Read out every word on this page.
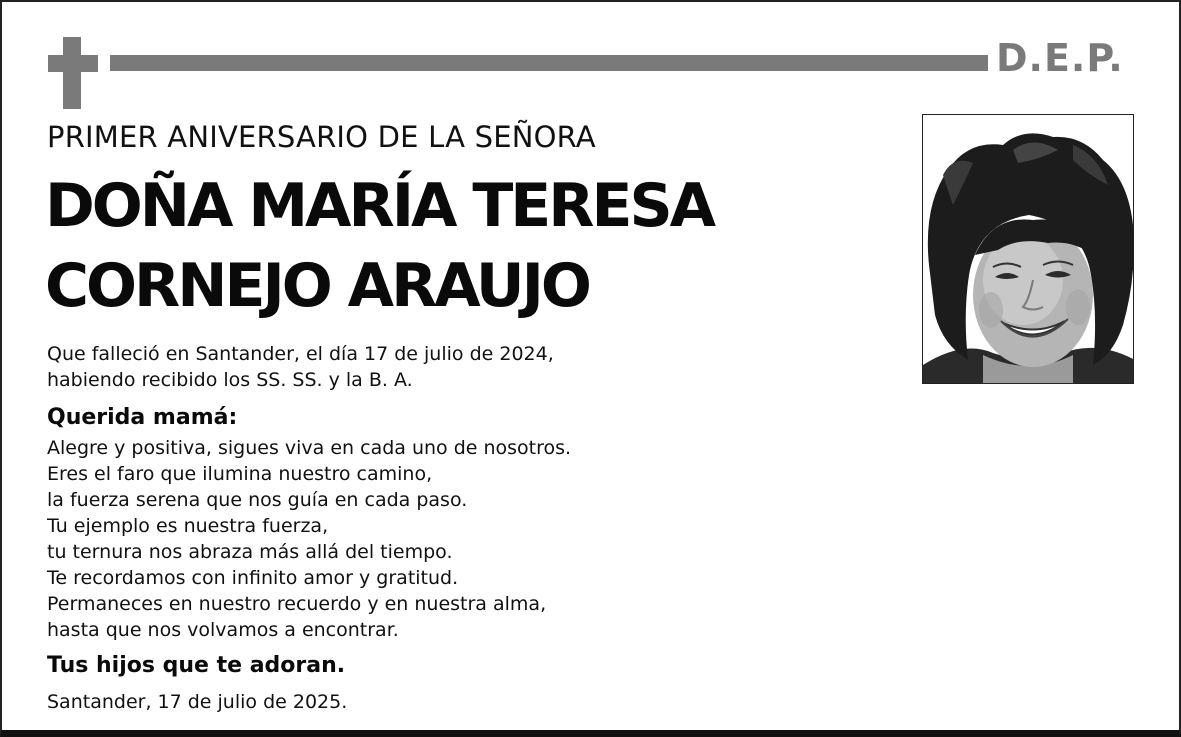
D.E.P.
PRIMER ANIVERSARIO DE LA SEÑORA
DOÑA MARÍA TERESA
CORNEJO ARAUJO
Que falleció en Santander, el día 17 de julio de 2024,
habiendo recibido los SS. SS. y la B. A.
Querida mamá:
Alegre y positiva, sigues viva en cada uno de nosotros.
Eres el faro que ilumina nuestro camino,
la fuerza serena que nos guía en cada paso.
Tu ejemplo es nuestra fuerza,
tu ternura nos abraza más allá del tiempo.
Te recordamos con infinito amor y gratitud.
Permaneces en nuestro recuerdo y en nuestra alma,
hasta que nos volvamos a encontrar.
Tus hijos que te adoran.
Santander, 17 de julio de 2025.
